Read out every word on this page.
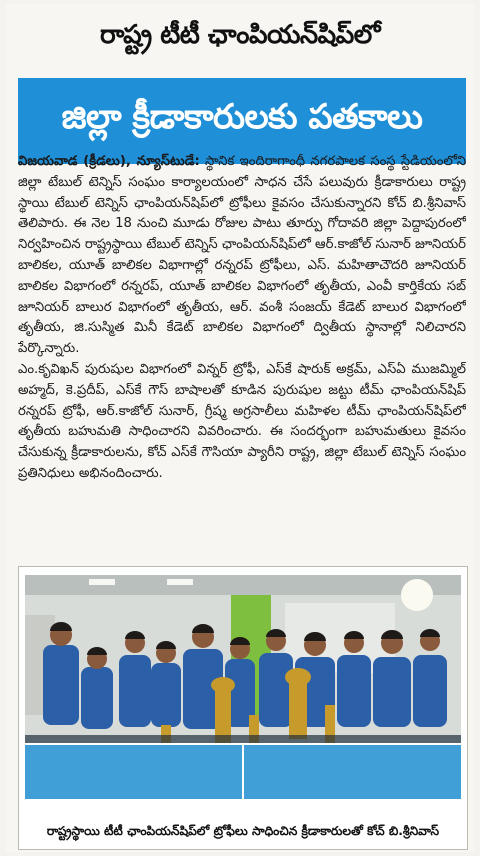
రాష్ట్ర టీటీ ఛాంపియన్‌షిప్‌లో
జిల్లా క్రీడాకారులకు పతకాలు

విజయవాడ (క్రీడలు), న్యూస్‌టుడే: స్థానిక ఇందిరాగాంధీ నగరపాలక సంస్థ స్టేడియంలోని జిల్లా టేబుల్ టెన్నిస్ సంఘం కార్యాలయంలో సాధన చేసే పలువురు క్రీడాకారులు రాష్ట్ర స్థాయి టేబుల్ టెన్నిస్ ఛాంపియన్‌షిప్‌లో ట్రోఫీలు కైవసం చేసుకున్నారని కోచ్ బి.శ్రీనివాస్ తెలిపారు. ఈ నెల 18 నుంచి మూడు రోజుల పాటు తూర్పు గోదావరి జిల్లా పెద్దాపురంలో నిర్వహించిన రాష్ట్రస్థాయి టేబుల్ టెన్నిస్ ఛాంపియన్‌షిప్‌లో ఆర్.కాజోల్ సునార్ జూనియర్ బాలికల, యూత్ బాలికల విభాగాల్లో రన్నరప్ ట్రోఫీలు, ఎస్. మహితాచౌదరి జూనియర్ బాలికల విభాగంలో రన్నరప్, యూత్ బాలికల విభాగంలో తృతీయ, ఎంవీ కార్తికేయ సబ్ జూనియర్ బాలుర విభాగంలో తృతీయ, ఆర్. వంశీ సంజయ్ కేడెట్ బాలుర విభాగంలో తృతీయ, జి.సుస్మిత మినీ కేడెట్ బాలికల విభాగంలో ద్వితీయ స్థానాల్లో నిలిచారని పేర్కొన్నారు.

ఎం.కృవిఖన్ పురుషుల విభాగంలో విన్నర్ ట్రోఫీ, ఎస్‌కే షారుక్ అక్రమ్, ఎస్‌ఏ ముజమ్మిల్ అహ్మద్, కె.ప్రదీప్, ఎస్‌కే గౌస్ బాషాలతో కూడిన పురుషుల జట్టు టీమ్ ఛాంపియన్‌షిప్ రన్నరప్ ట్రోఫీ, ఆర్.కాజోల్ సునార్, గ్రీష్మ అగ్రసాలీలు మహిళల టీమ్ ఛాంపియన్‌షిప్‌లో తృతీయ బహుమతి సాధించారని వివరించారు. ఈ సందర్భంగా బహుమతులు కైవసం చేసుకున్న క్రీడాకారులను, కోచ్ ఎస్‌కే గౌసియా ప్యారీని రాష్ట్ర, జిల్లా టేబుల్ టెన్నిస్ సంఘం ప్రతినిధులు అభినందించారు.

రాష్ట్రస్థాయి టీటీ ఛాంపియన్‌షిప్‌లో ట్రోఫీలు సాధించిన క్రీడాకారులతో కోచ్ బి.శ్రీనివాస్
